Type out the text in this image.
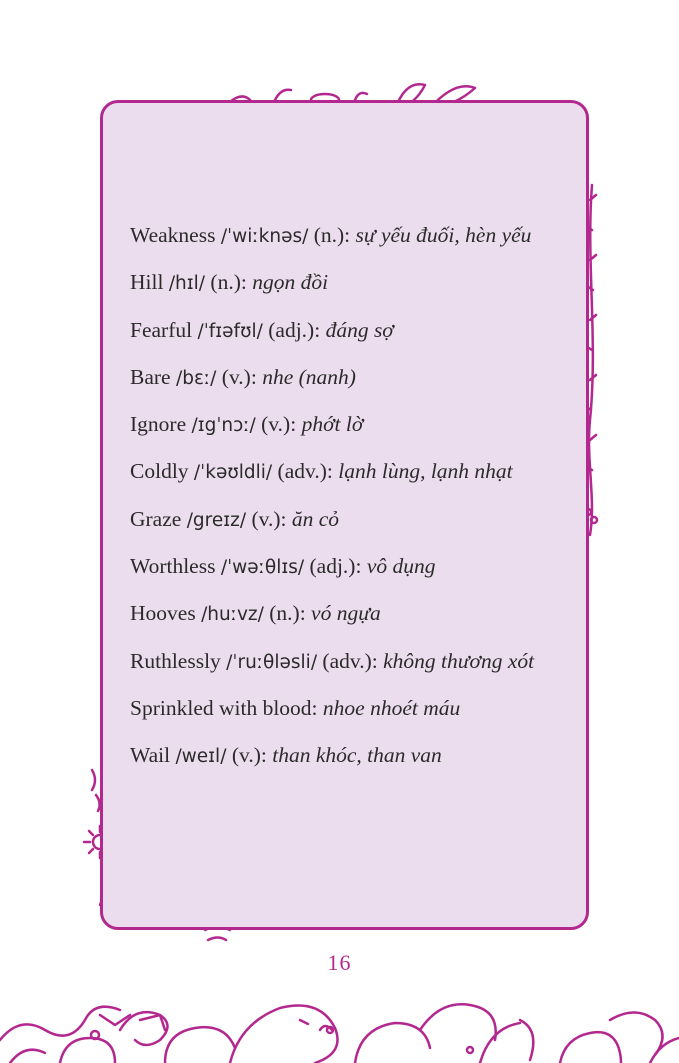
Weakness /ˈwiːknəs/ (n.): sự yếu đuối, hèn yếu
Hill /hɪl/ (n.): ngọn đồi
Fearful /ˈfɪəfʊl/ (adj.): đáng sợ
Bare /bɛː/ (v.): nhe (nanh)
Ignore /ɪgˈnɔː/ (v.): phớt lờ
Coldly /ˈkəʊldli/ (adv.): lạnh lùng, lạnh nhạt
Graze /greɪz/ (v.): ăn cỏ
Worthless /ˈwəːθlɪs/ (adj.): vô dụng
Hooves /huːvz/ (n.): vó ngựa
Ruthlessly /ˈruːθləsli/ (adv.): không thương xót
Sprinkled with blood: nhoe nhoét máu
Wail /weɪl/ (v.): than khóc, than van
16
